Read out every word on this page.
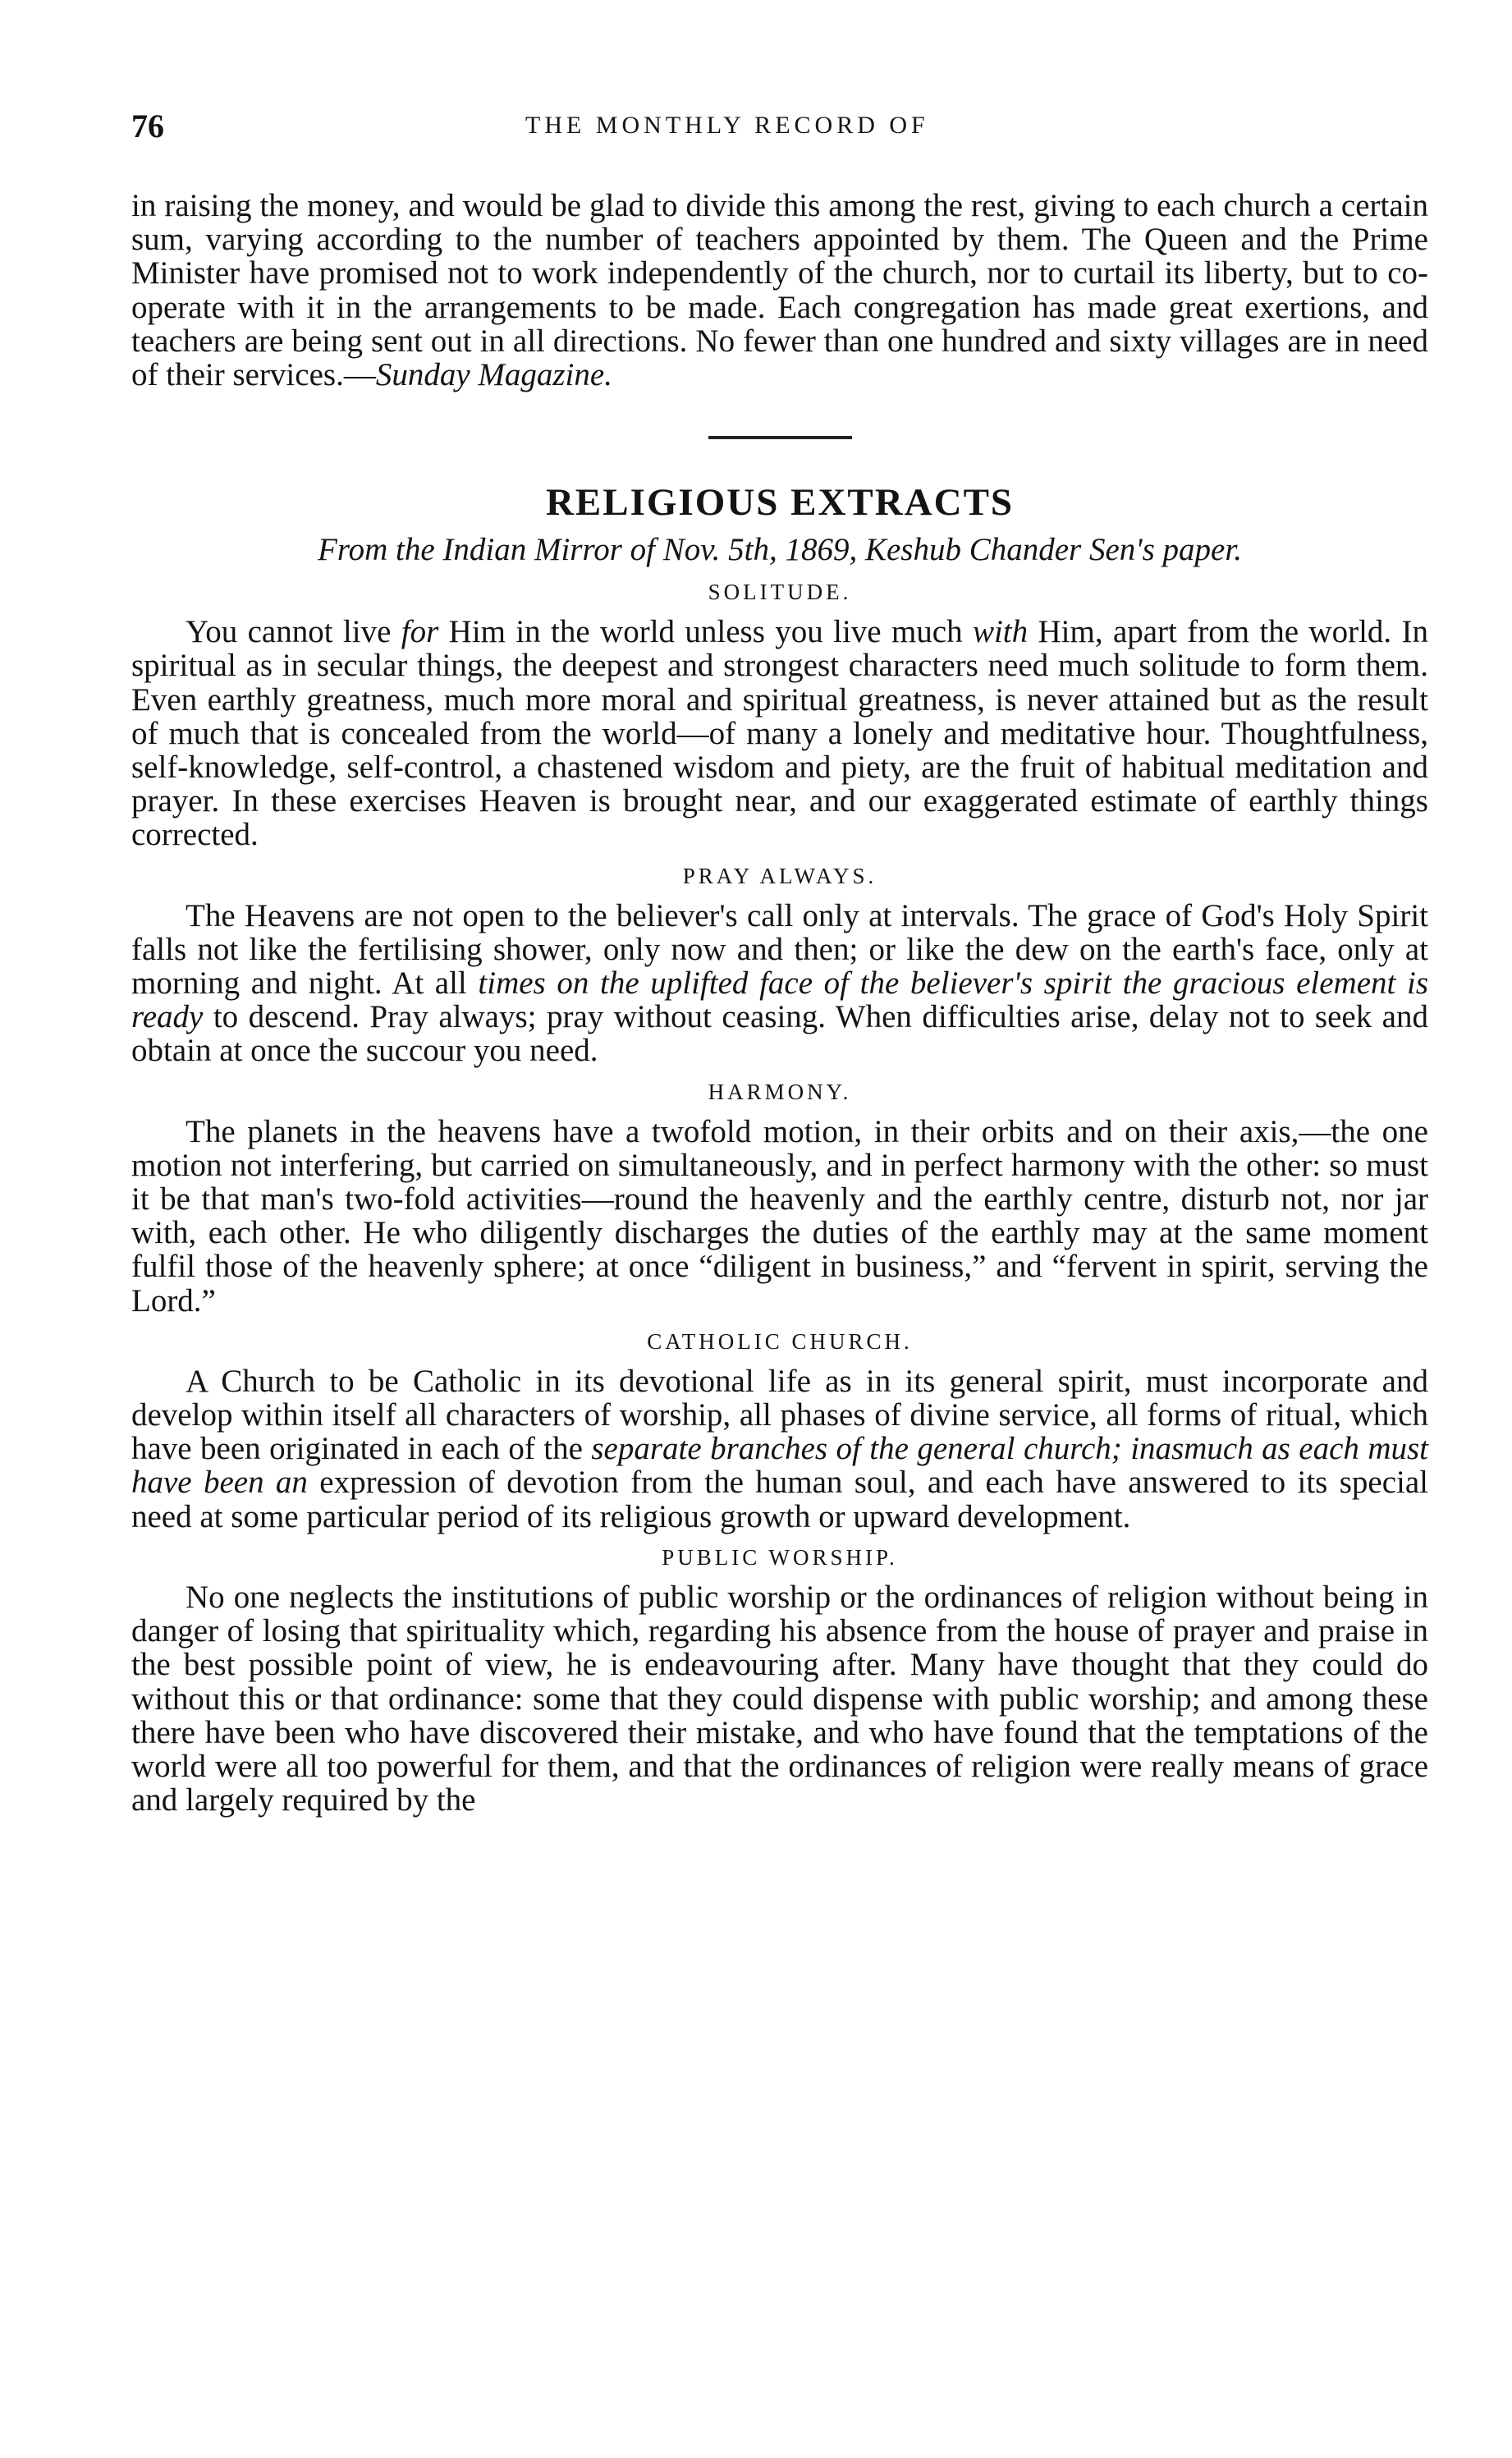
76	THE MONTHLY RECORD OF

in raising the money, and would be glad to divide this among the rest, giving to each church a certain sum, varying according to the number of teachers appointed by them. The Queen and the Prime Minister have promised not to work independently of the church, nor to curtail its liberty, but to co-operate with it in the arrangements to be made. Each congregation has made great exertions, and teachers are being sent out in all directions. No fewer than one hundred and sixty villages are in need of their services.—Sunday Magazine.

RELIGIOUS EXTRACTS
From the Indian Mirror of Nov. 5th, 1869, Keshub Chander Sen's paper.
SOLITUDE.

You cannot live for Him in the world unless you live much with Him, apart from the world. In spiritual as in secular things, the deepest and strongest characters need much solitude to form them. Even earthly greatness, much more moral and spiritual greatness, is never attained but as the result of much that is concealed from the world—of many a lonely and meditative hour. Thoughtfulness, self-knowledge, self-control, a chastened wisdom and piety, are the fruit of habitual meditation and prayer. In these exercises Heaven is brought near, and our exaggerated estimate of earthly things corrected.

PRAY ALWAYS.

The Heavens are not open to the believer's call only at intervals. The grace of God's Holy Spirit falls not like the fertilising shower, only now and then; or like the dew on the earth's face, only at morning and night. At all times on the uplifted face of the believer's spirit the gracious element is ready to descend. Pray always; pray without ceasing. When difficulties arise, delay not to seek and obtain at once the succour you need.

HARMONY.

The planets in the heavens have a twofold motion, in their orbits and on their axis,—the one motion not interfering, but carried on simultaneously, and in perfect harmony with the other: so must it be that man's two-fold activities—round the heavenly and the earthly centre, disturb not, nor jar with, each other. He who diligently discharges the duties of the earthly may at the same moment fulfil those of the heavenly sphere; at once “diligent in business,” and “fervent in spirit, serving the Lord.”

CATHOLIC CHURCH.

A Church to be Catholic in its devotional life as in its general spirit, must incorporate and develop within itself all characters of worship, all phases of divine service, all forms of ritual, which have been originated in each of the separate branches of the general church; inasmuch as each must have been an expression of devotion from the human soul, and each have answered to its special need at some particular period of its religious growth or upward development.

PUBLIC WORSHIP.

No one neglects the institutions of public worship or the ordinances of religion without being in danger of losing that spirituality which, regarding his absence from the house of prayer and praise in the best possible point of view, he is endeavouring after. Many have thought that they could do without this or that ordinance: some that they could dispense with public worship; and among these there have been who have discovered their mistake, and who have found that the temptations of the world were all too powerful for them, and that the ordinances of religion were really means of grace and largely required by the
